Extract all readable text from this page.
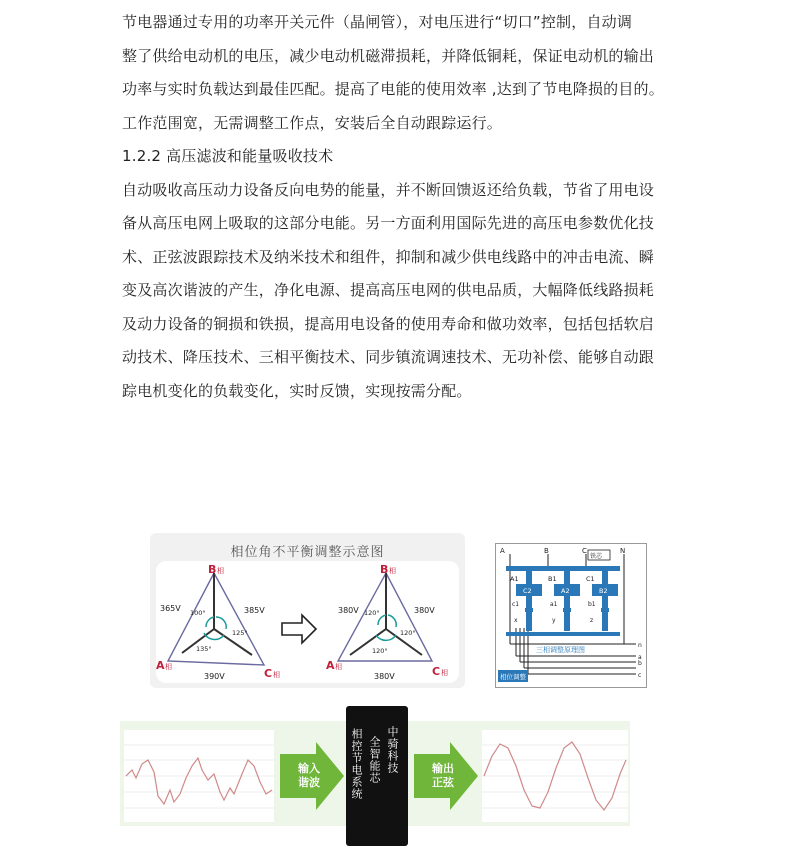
节电器通过专用的功率开关元件（晶闸管），对电压进行“切口”控制，自动调
整了供给电动机的电压，减少电动机磁滞损耗，并降低铜耗，保证电动机的输出
功率与实时负载达到最佳匹配。提高了电能的使用效率 ,达到了节电降损的目的。
工作范围宽，无需调整工作点，安装后全自动跟踪运行。
1.2.2 高压滤波和能量吸收技术
自动吸收高压动力设备反向电势的能量，并不断回馈返还给负载，节省了用电设
备从高压电网上吸取的这部分电能。另一方面利用国际先进的高压电参数优化技
术、正弦波跟踪技术及纳米技术和组件，抑制和减少供电线路中的冲击电流、瞬
变及高次谐波的产生，净化电源、提高高压电网的供电品质，大幅降低线路损耗
及动力设备的铜损和铁损，提高用电设备的使用寿命和做功效率，包括包括软启
动技术、降压技术、三相平衡技术、同步镇流调速技术、无功补偿、能够自动跟
踪电机变化的负载变化，实时反馈，实现按需分配。
相位角不平衡调整示意图
B 相
A 相	C 相
365V	385V
390V
100°
125°
135°
B 相
A 相	C 相
380V	380V
380V
120°
120°
120°
铁芯
A	B	C	N
A1	B1	C1
C2	A2	B2
c1	a1	b1
x	y	z
n
a
b
c
三相调整原理图
相位调整
输入
谐波
相控节电系统
全智能芯
中骑科技	输出
正弦
